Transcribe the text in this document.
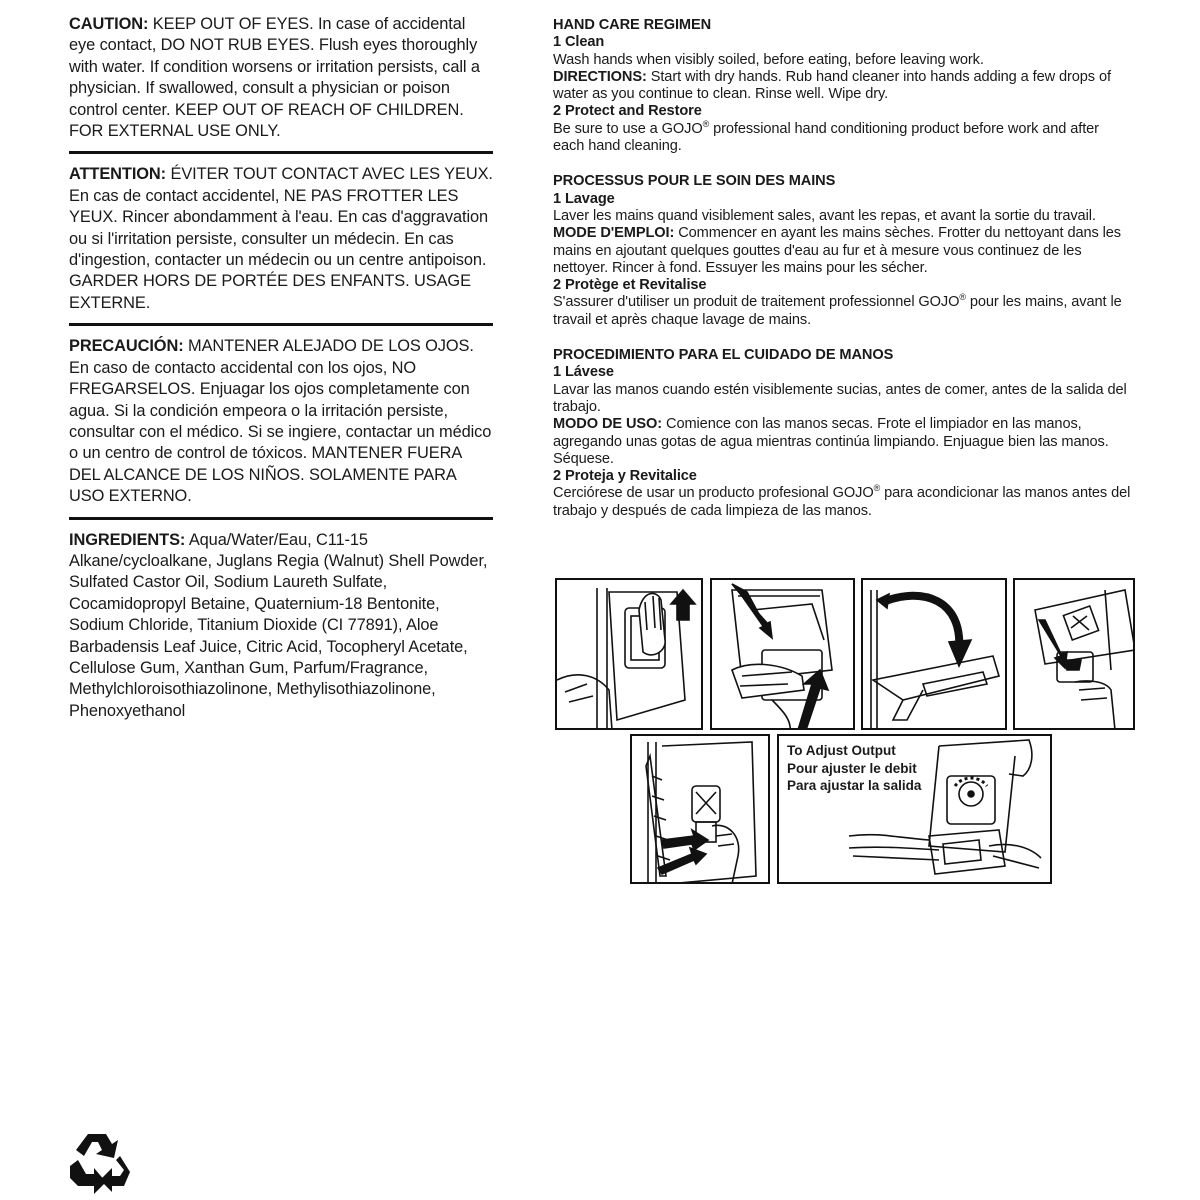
CAUTION: KEEP OUT OF EYES. In case of accidental eye contact, DO NOT RUB EYES. Flush eyes thoroughly with water. If condition worsens or irritation persists, call a physician. If swallowed, consult a physician or poison control center. KEEP OUT OF REACH OF CHILDREN. FOR EXTERNAL USE ONLY.
ATTENTION: ÉVITER TOUT CONTACT AVEC LES YEUX. En cas de contact accidentel, NE PAS FROTTER LES YEUX. Rincer abondamment à l'eau. En cas d'aggravation ou si l'irritation persiste, consulter un médecin. En cas d'ingestion, contacter un médecin ou un centre antipoison. GARDER HORS DE PORTÉE DES ENFANTS. USAGE EXTERNE.
PRECAUCIÓN: MANTENER ALEJADO DE LOS OJOS. En caso de contacto accidental con los ojos, NO FREGARSELOS. Enjuagar los ojos completamente con agua. Si la condición empeora o la irritación persiste, consultar con el médico. Si se ingiere, contactar un médico o un centro de control de tóxicos. MANTENER FUERA DEL ALCANCE DE LOS NIÑOS. SOLAMENTE PARA USO EXTERNO.
INGREDIENTS: Aqua/Water/Eau, C11-15 Alkane/cycloalkane, Juglans Regia (Walnut) Shell Powder, Sulfated Castor Oil, Sodium Laureth Sulfate, Cocamidopropyl Betaine, Quaternium-18 Bentonite, Sodium Chloride, Titanium Dioxide (CI 77891), Aloe Barbadensis Leaf Juice, Citric Acid, Tocopheryl Acetate, Cellulose Gum, Xanthan Gum, Parfum/Fragrance, Methylchloroisothiazolinone, Methylisothiazolinone, Phenoxyethanol

HAND CARE REGIMEN

1 Clean

Wash hands when visibly soiled, before eating, before leaving work.

DIRECTIONS: Start with dry hands. Rub hand cleaner into hands adding a few drops of water as you continue to clean. Rinse well. Wipe dry.

2 Protect and Restore

Be sure to use a GOJO® professional hand conditioning product before work and after each hand cleaning.

PROCESSUS POUR LE SOIN DES MAINS

1 Lavage

Laver les mains quand visiblement sales, avant les repas, et avant la sortie du travail.

MODE D'EMPLOI: Commencer en ayant les mains sèches. Frotter du nettoyant dans les mains en ajoutant quelques gouttes d'eau au fur et à mesure vous continuez de les nettoyer. Rincer à fond. Essuyer les mains pour les sécher.

2 Protège et Revitalise

S'assurer d'utiliser un produit de traitement professionnel GOJO® pour les mains, avant le travail et après chaque lavage de mains.

PROCEDIMIENTO PARA EL CUIDADO DE MANOS

1 Lávese

Lavar las manos cuando estén visiblemente sucias, antes de comer, antes de la salida del trabajo.

MODO DE USO: Comience con las manos secas. Frote el limpiador en las manos, agregando unas gotas de agua mientras continúa limpiando. Enjuague bien las manos. Séquese.

2 Proteja y Revitalice

Cerciórese de usar un producto profesional GOJO® para acondicionar las manos antes del trabajo y después de cada limpieza de las manos.

To Adjust Output
Pour ajuster le debit
Para ajustar la salida
